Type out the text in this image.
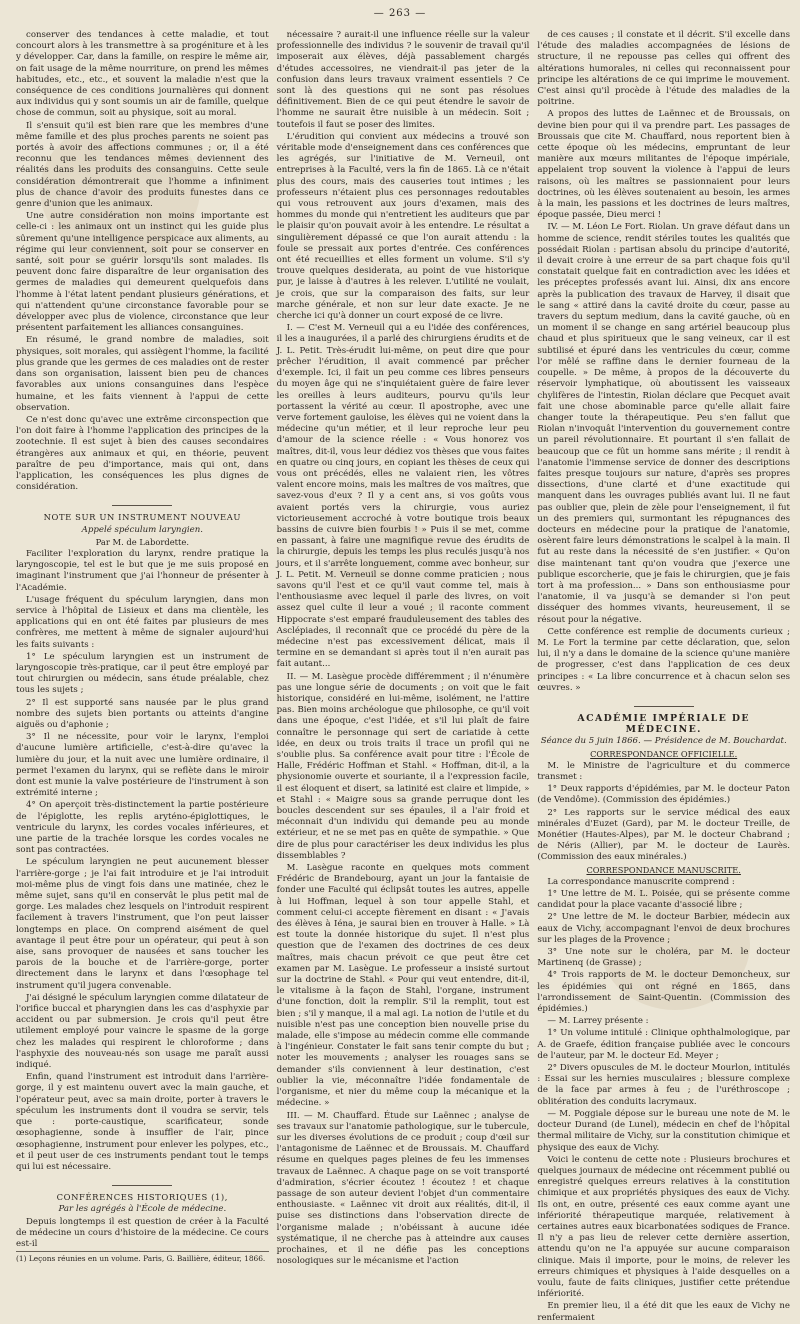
— 263 —

conserver des tendances à cette maladie, et tout concourt alors à les transmettre à sa progéniture et à les y développer. Car, dans la famille, on respire le même air, on fait usage de la même nourriture, on prend les mêmes habitudes, etc., etc., et souvent la maladie n'est que la conséquence de ces conditions journalières qui donnent aux individus qui y sont soumis un air de famille, quelque chose de commun, soit au physique, soit au moral.

Il s'ensuit qu'il est bien rare que les membres d'une même famille et des plus proches parents ne soient pas portés à avoir des affections communes ; or, il a été reconnu que les tendances mêmes deviennent des réalités dans les produits des consanguins. Cette seule considération démontrerait que l'homme a infiniment plus de chance d'avoir des produits funestes dans ce genre d'union que les animaux.

Une autre considération non moins importante est celle-ci : les animaux ont un instinct qui les guide plus sûrement qu'une intelligence perspicace aux aliments, au régime qui leur conviennent, soit pour se conserver en santé, soit pour se guérir lorsqu'ils sont malades. Ils peuvent donc faire disparaître de leur organisation des germes de maladies qui demeurent quelquefois dans l'homme à l'état latent pendant plusieurs générations, et qui n'attendent qu'une circonstance favorable pour se développer avec plus de violence, circonstance que leur présentent parfaitement les alliances consanguines.

En résumé, le grand nombre de maladies, soit physiques, soit morales, qui assiègent l'homme, la facilité plus grande que les germes de ces maladies ont de rester dans son organisation, laissent bien peu de chances favorables aux unions consanguines dans l'espèce humaine, et les faits viennent à l'appui de cette observation.

Ce n'est donc qu'avec une extrême circonspection que l'on doit faire à l'homme l'application des principes de la zootechnie. Il est sujet à bien des causes secondaires étrangères aux animaux et qui, en théorie, peuvent paraître de peu d'importance, mais qui ont, dans l'application, les conséquences les plus dignes de considération.

NOTE SUR UN INSTRUMENT NOUVEAU

Appelé spéculum laryngien.

Par M. de Labordette.

Faciliter l'exploration du larynx, rendre pratique la laryngoscopie, tel est le but que je me suis proposé en imaginant l'instrument que j'ai l'honneur de présenter à l'Académie.

L'usage fréquent du spéculum laryngien, dans mon service à l'hôpital de Lisieux et dans ma clientèle, les applications qui en ont été faites par plusieurs de mes confrères, me mettent à même de signaler aujourd'hui les faits suivants :

1° Le spéculum laryngien est un instrument de laryngoscopie très-pratique, car il peut être employé par tout chirurgien ou médecin, sans étude préalable, chez tous les sujets ;

2° Il est supporté sans nausée par le plus grand nombre des sujets bien portants ou atteints d'angine aiguës ou d'aphonie ;

3° Il ne nécessite, pour voir le larynx, l'emploi d'aucune lumière artificielle, c'est-à-dire qu'avec la lumière du jour, et la nuit avec une lumière ordinaire, il permet l'examen du larynx, qui se reflète dans le miroir dont est munie la valve postérieure de l'instrument à son extrémité interne ;

4° On aperçoit très-distinctement la partie postérieure de l'épiglotte, les replis aryténo-épiglottiques, le ventricule du larynx, les cordes vocales inférieures, et une partie de la trachée lorsque les cordes vocales ne sont pas contractées.

Le spéculum laryngien ne peut aucunement blesser l'arrière-gorge ; je l'ai fait introduire et je l'ai introduit moi-même plus de vingt fois dans une matinée, chez le même sujet, sans qu'il en conservât le plus petit mal de gorge. Les malades chez lesquels on l'introduit respirent facilement à travers l'instrument, que l'on peut laisser longtemps en place. On comprend aisément de quel avantage il peut être pour un opérateur, qui peut à son aise, sans provoquer de nausées et sans toucher les parois de la bouche et de l'arrière-gorge, porter directement dans le larynx et dans l'œsophage tel instrument qu'il jugera convenable.

J'ai désigné le spéculum laryngien comme dilatateur de l'orifice buccal et pharyngien dans les cas d'asphyxie par accident ou par submersion. Je crois qu'il peut être utilement employé pour vaincre le spasme de la gorge chez les malades qui respirent le chloroforme ; dans l'asphyxie des nouveau-nés son usage me paraît aussi indiqué.

Enfin, quand l'instrument est introduit dans l'arrière-gorge, il y est maintenu ouvert avec la main gauche, et l'opérateur peut, avec sa main droite, porter à travers le spéculum les instruments dont il voudra se servir, tels que : porte-caustique, scarificateur, sonde œsophagienne, sonde à insuffler de l'air, pince œsophagienne, instrument pour enlever les polypes, etc., et il peut user de ces instruments pendant tout le temps qui lui est nécessaire.

CONFÉRENCES HISTORIQUES (1),

Par les agrégés à l'École de médecine.

Depuis longtemps il est question de créer à la Faculté de médecine un cours d'histoire de la médecine. Ce cours est-il

(1) Leçons réunies en un volume. Paris, G. Baillière, éditeur, 1866.

nécessaire ? aurait-il une influence réelle sur la valeur professionnelle des individus ? le souvenir de travail qu'il imposerait aux élèves, déjà passablement chargés d'études accessoires, ne viendrait-il pas jeter de la confusion dans leurs travaux vraiment essentiels ? Ce sont là des questions qui ne sont pas résolues définitivement. Bien de ce qui peut étendre le savoir de l'homme ne saurait être nuisible à un médecin. Soit ; toutefois il faut se poser des limites.

L'érudition qui convient aux médecins a trouvé son véritable mode d'enseignement dans ces conférences que les agrégés, sur l'initiative de M. Verneuil, ont entreprises à la Faculté, vers la fin de 1865. Là ce n'était plus des cours, mais des causeries tout intimes ; les professeurs n'étaient plus ces personnages redoutables qui vous retrouvent aux jours d'examen, mais des hommes du monde qui n'entretient les auditeurs que par le plaisir qu'on pouvait avoir à les entendre. Le résultat a singulièrement dépassé ce que l'on aurait attendu : la foule se pressait aux portes d'entrée. Ces conférences ont été recueillies et elles forment un volume. S'il s'y trouve quelques desiderata, au point de vue historique pur, je laisse à d'autres à les relever. L'utilité ne voulait, je crois, que sur la comparaison des faits, sur leur marche générale, et non sur leur date exacte. Je ne cherche ici qu'à donner un court exposé de ce livre.

I. — C'est M. Verneuil qui a eu l'idée des conférences, il les a inaugurées, il a parlé des chirurgiens érudits et de J. L. Petit. Très-érudit lui-même, on peut dire que pour prêcher l'érudition, il avait commencé par prêcher d'exemple. Ici, il fait un peu comme ces libres penseurs du moyen âge qui ne s'inquiétaient guère de faire lever les oreilles à leurs auditeurs, pourvu qu'ils leur portassent la vérité au cœur. Il apostrophe, avec une verve fortement gauloise, les élèves qui ne voient dans la médecine qu'un métier, et il leur reproche leur peu d'amour de la science réelle : « Vous honorez vos maîtres, dit-il, vous leur dédiez vos thèses que vous faites en quatre ou cinq jours, en copiant les thèses de ceux qui vous ont précédés, elles ne valaient rien, les vôtres valent encore moins, mais les maîtres de vos maîtres, que savez-vous d'eux ? Il y a cent ans, si vos goûts vous avaient portés vers la chirurgie, vous auriez victorieusement accroché à votre boutique trois beaux bassins de cuivre bien fourbis ! » Puis il se met, comme en passant, à faire une magnifique revue des érudits de la chirurgie, depuis les temps les plus reculés jusqu'à nos jours, et il s'arrête longuement, comme avec bonheur, sur J. L. Petit. M. Verneuil se donne comme praticien ; nous savons qu'il l'est et ce qu'il vaut comme tel, mais à l'enthousiasme avec lequel il parle des livres, on voit assez quel culte il leur a voué ; il raconte comment Hippocrate s'est emparé frauduleusement des tables des Asclépiades, il reconnaît que ce procédé du père de la médecine n'est pas excessivement délicat, mais il termine en se demandant si après tout il n'en aurait pas fait autant...

II. — M. Lasègue procède différemment ; il n'énumère pas une longue série de documents ; on voit que le fait historique, considéré en lui-même, isolément, ne l'attire pas. Bien moins archéologue que philosophe, ce qu'il voit dans une époque, c'est l'idée, et s'il lui plaît de faire connaître le personnage qui sert de cariatide à cette idée, en deux ou trois traits il trace un profil qui ne s'oublie plus. Sa conférence avait pour titre : l'École de Halle, Frédéric Hoffman et Stahl. « Hoffman, dit-il, a la physionomie ouverte et souriante, il a l'expression facile, il est éloquent et disert, sa latinité est claire et limpide, » et Stahl : « Maigre sous sa grande perruque dont les boucles descendent sur ses épaules, il a l'air froid et méconnait d'un individu qui demande peu au monde extérieur, et ne se met pas en quête de sympathie. » Que dire de plus pour caractériser les deux individus les plus dissemblables ?

M. Lasègue raconte en quelques mots comment Frédéric de Brandebourg, ayant un jour la fantaisie de fonder une Faculté qui éclipsât toutes les autres, appelle à lui Hoffman, lequel à son tour appelle Stahl, et comment celui-ci accepte fièrement en disant : « J'avais des élèves à Iéna, je saurai bien en trouver à Halle. » Là est toute la donnée historique du sujet. Il n'est plus question que de l'examen des doctrines de ces deux maîtres, mais chacun prévoit ce que peut être cet examen par M. Lasègue. Le professeur a insisté surtout sur la doctrine de Stahl. « Pour qui veut entendre, dit-il, le vitalisme à la façon de Stahl, l'organe, instrument d'une fonction, doit la remplir. S'il la remplit, tout est bien ; s'il y manque, il a mal agi. La notion de l'utile et du nuisible n'est pas une conception bien nouvelle prise du malade, elle s'impose au médecin comme elle commande à l'ingénieur. Constater le fait sans tenir compte du but ; noter les mouvements ; analyser les rouages sans se demander s'ils conviennent à leur destination, c'est oublier la vie, méconnaître l'idée fondamentale de l'organisme, et nier du même coup la mécanique et la médecine. »

III. — M. Chauffard. Étude sur Laënnec ; analyse de ses travaux sur l'anatomie pathologique, sur le tubercule, sur les diverses évolutions de ce produit ; coup d'œil sur l'antagonisme de Laënnec et de Broussais. M. Chauffard résume en quelques pages pleines de feu les immenses travaux de Laënnec. A chaque page on se voit transporté d'admiration, s'écrier écoutez ! écoutez ! et chaque passage de son auteur devient l'objet d'un commentaire enthousiaste. « Laënnec vit droit aux réalités, dit-il, il puise ses distinctions dans l'observation directe de l'organisme malade ; n'obéissant à aucune idée systématique, il ne cherche pas à atteindre aux causes prochaines, et il ne défie pas les conceptions nosologiques sur le mécanisme et l'action

de ces causes ; il constate et il décrit. S'il excelle dans l'étude des maladies accompagnées de lésions de structure, il ne repousse pas celles qui offrent des altérations humorales, ni celles qui reconnaissent pour principe les altérations de ce qui imprime le mouvement. C'est ainsi qu'il procède à l'étude des maladies de la poitrine.

A propos des luttes de Laënnec et de Broussais, on devine bien pour qui il va prendre part. Les passages de Broussais que cite M. Chauffard, nous reportent bien à cette époque où les médecins, empruntant de leur manière aux mœurs militantes de l'époque impériale, appelaient trop souvent la violence à l'appui de leurs raisons, où les maîtres se passionnaient pour leurs doctrines, où les élèves soutenaient au besoin, les armes à la main, les passions et les doctrines de leurs maîtres, époque passée, Dieu merci !

IV. — M. Léon Le Fort. Riolan. Un grave défaut dans un homme de science, rendit stériles toutes les qualités que possédait Riolan : partisan absolu du principe d'autorité, il devait croire à une erreur de sa part chaque fois qu'il constatait quelque fait en contradiction avec les idées et les préceptes professés avant lui. Ainsi, dix ans encore après la publication des travaux de Harvey, il disait que le sang « attiré dans la cavité droite du cœur, passe au travers du septum medium, dans la cavité gauche, où en un moment il se change en sang artériel beaucoup plus chaud et plus spiritueux que le sang veineux, car il est subtilisé et épuré dans les ventricules du cœur, comme l'or mêlé se raffine dans le dernier fourneau de la coupelle. » De même, à propos de la découverte du réservoir lymphatique, où aboutissent les vaisseaux chylifères de l'intestin, Riolan déclare que Pecquet avait fait une chose abominable parce qu'elle allait faire changer toute la thérapeutique. Peu s'en fallut que Riolan n'invoquât l'intervention du gouvernement contre un pareil révolutionnaire. Et pourtant il s'en fallait de beaucoup que ce fût un homme sans mérite ; il rendit à l'anatomie l'immense service de donner des descriptions faites presque toujours sur nature, d'après ses propres dissections, d'une clarté et d'une exactitude qui manquent dans les ouvrages publiés avant lui. Il ne faut pas oublier que, plein de zèle pour l'enseignement, il fut un des premiers qui, surmontant les répugnances des docteurs en médecine pour la pratique de l'anatomie, osèrent faire leurs démonstrations le scalpel à la main. Il fut au reste dans la nécessité de s'en justifier. « Qu'on dise maintenant tant qu'on voudra que j'exerce une publique escorcherie, que je fais le chirurgien, que je fais tort à ma profession... » Dans son enthousiasme pour l'anatomie, il va jusqu'à se demander si l'on peut disséquer des hommes vivants, heureusement, il se résout pour la négative.

Cette conférence est remplie de documents curieux ; M. Le Fort la termine par cette déclaration, que, selon lui, il n'y a dans le domaine de la science qu'une manière de progresser, c'est dans l'application de ces deux principes : « La libre concurrence et à chacun selon ses œuvres. »

ACADÉMIE IMPÉRIALE DE MÉDECINE.

Séance du 5 juin 1866. — Présidence de M. Bouchardat.

CORRESPONDANCE OFFICIELLE.

M. le Ministre de l'agriculture et du commerce transmet :

1° Deux rapports d'épidémies, par M. le docteur Paton (de Vendôme). (Commission des épidémies.)

2° Les rapports sur le service médical des eaux minérales d'Euzet (Gard), par M. le docteur Treille, de Monétier (Hautes-Alpes), par M. le docteur Chabrand ; de Néris (Allier), par M. le docteur de Laurès. (Commission des eaux minérales.)

CORRESPONDANCE MANUSCRITE.

La correspondance manuscrite comprend :

1° Une lettre de M. L. Poisée, qui se présente comme candidat pour la place vacante d'associé libre ;

2° Une lettre de M. le docteur Barbier, médecin aux eaux de Vichy, accompagnant l'envoi de deux brochures sur les plages de la Provence ;

3° Une note sur le choléra, par M. le docteur Martinenq (de Grasse) ;

4° Trois rapports de M. le docteur Demoncheux, sur les épidémies qui ont régné en 1865, dans l'arrondissement de Saint-Quentin. (Commission des épidémies.)

— M. Larrey présente :

1° Un volume intitulé : Clinique ophthalmologique, par A. de Graefe, édition française publiée avec le concours de l'auteur, par M. le docteur Ed. Meyer ;

2° Divers opuscules de M. le docteur Mourlon, intitulés : Essai sur les hernies musculaires ; blessure complexe de la face par armes à feu ; de l'uréthroscope ; oblitération des conduits lacrymaux.

— M. Poggiale dépose sur le bureau une note de M. le docteur Durand (de Lunel), médecin en chef de l'hôpital thermal militaire de Vichy, sur la constitution chimique et physique des eaux de Vichy.

Voici le contenu de cette note : Plusieurs brochures et quelques journaux de médecine ont récemment publié ou enregistré quelques erreurs relatives à la constitution chimique et aux propriétés physiques des eaux de Vichy. Ils ont, en outre, présenté ces eaux comme ayant une infériorité thérapeutique marquée, relativement à certaines autres eaux bicarbonatées sodiques de France. Il n'y a pas lieu de relever cette dernière assertion, attendu qu'on ne l'a appuyée sur aucune comparaison clinique. Mais il importe, pour le moins, de relever les erreurs chimiques et physiques à l'aide desquelles on a voulu, faute de faits cliniques, justifier cette prétendue infériorité.

En premier lieu, il a été dit que les eaux de Vichy ne renfermaient
